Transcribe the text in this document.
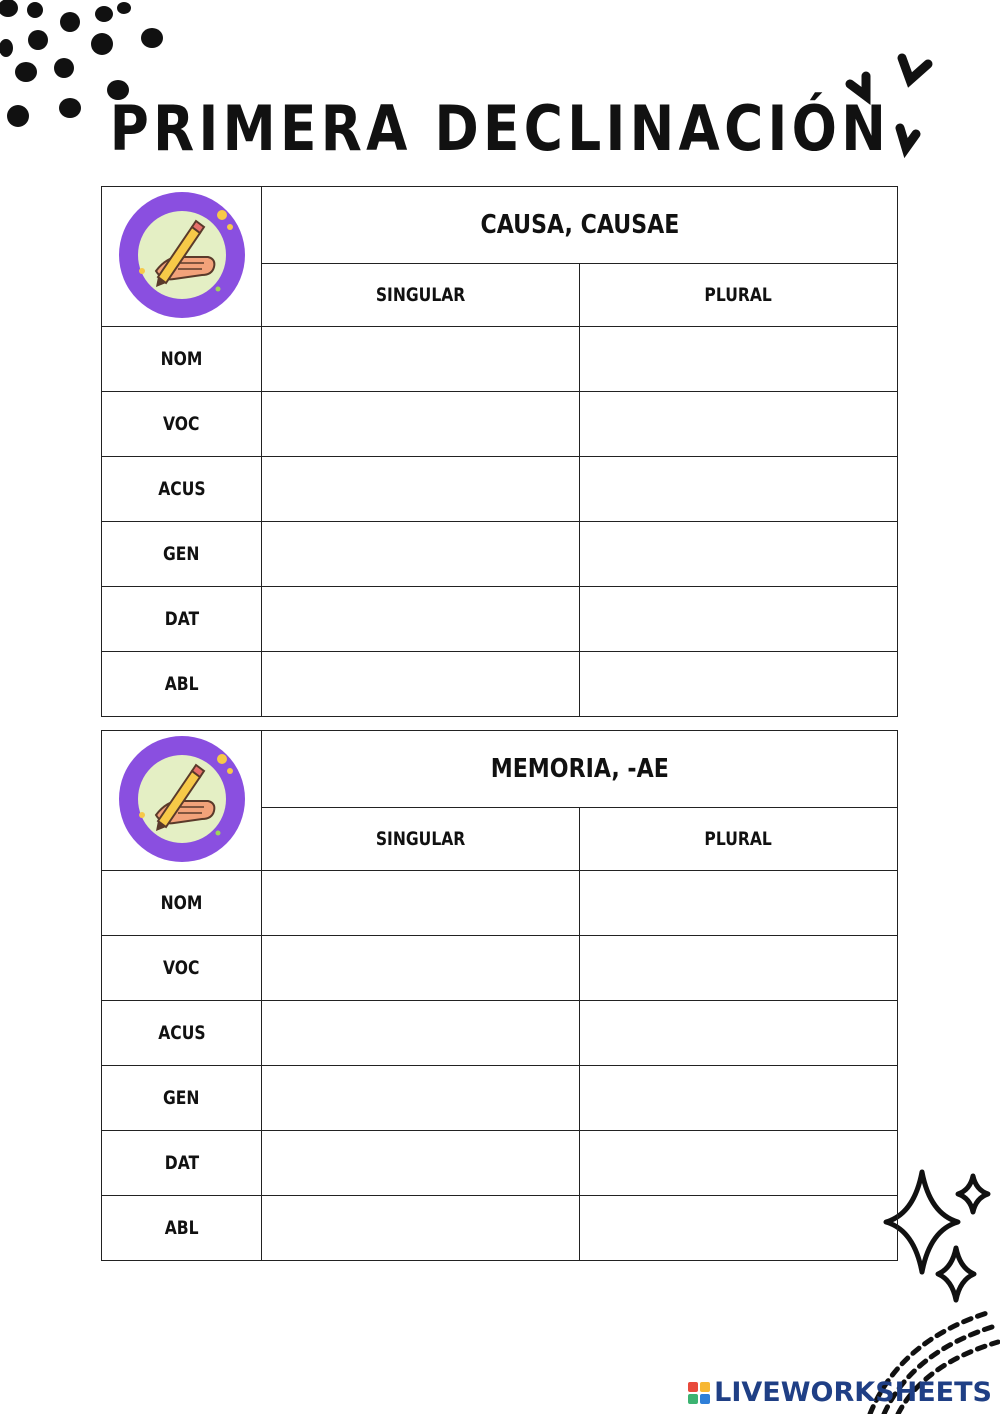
PRIMERA DECLINACIÓN
	CAUSA, CAUSAE	
	SINGULAR	PLURAL
NOM		
VOC		
ACUS		
GEN		
DAT		
ABL		
	MEMORIA, -AE	
	SINGULAR	PLURAL
NOM		
VOC		
ACUS		
GEN		
DAT		
ABL		
LIVEWORKSHEETS
